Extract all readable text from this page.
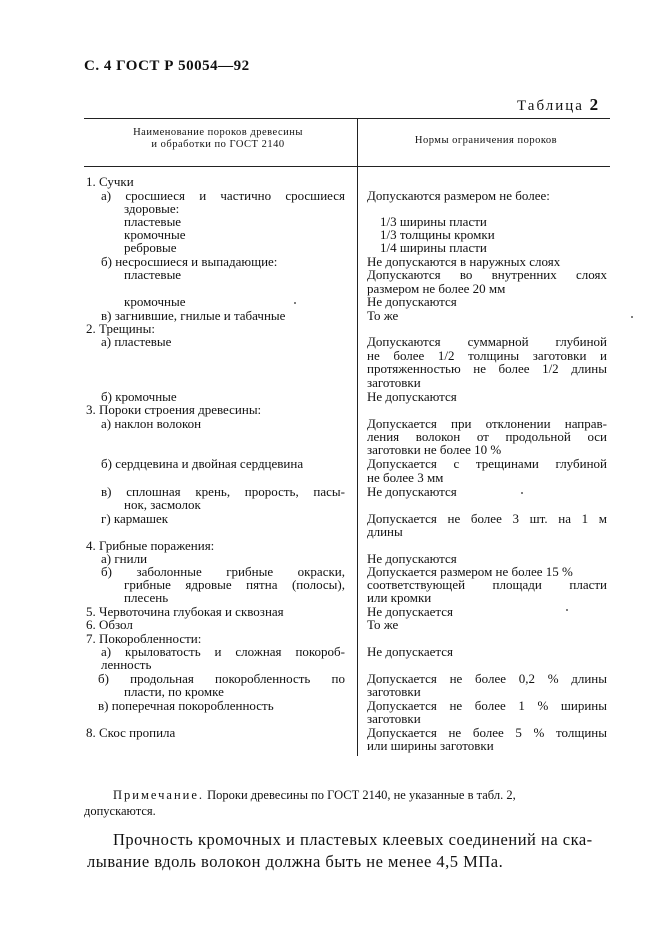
С. 4 ГОСТ Р 50054—92
Таблица 2
Наименование пороков древесины
и обработки по ГОСТ 2140	Нормы ограничения пороков
1. Сучки
а) сросшиеся и частично сросшиеся
здоровые:
пластевые
кромочные
ребровые
б) несросшиеся и выпадающие:
пластевые
кромочные
в) загнившие, гнилые и табачные
2. Трещины:
а) пластевые
б) кромочные
3. Пороки строения древесины:
а) наклон волокон
б) сердцевина и двойная сердцевина
в) сплошная крень, прорость, пасы-
нок, засмолок
г) кармашек
4. Грибные поражения:
а) гнили
б) заболонные грибные окраски,
грибные ядровые пятна (полосы),
плесень
5. Червоточина глубокая и сквозная
6. Обзол
7. Покоробленности:
а) крыловатость и сложная покороб-
ленность
б) продольная покоробленность по
пласти, по кромке
в) поперечная покоробленность
8. Скос пропила
Допускаются размером не более:
1/3 ширины пласти
1/3 толщины кромки
1/4 ширины пласти
Не допускаются в наружных слоях
Допускаются во внутренних слоях
размером не более 20 мм
Не допускаются
То же
Допускаются суммарной глубиной
не более 1/2 толщины заготовки и
протяженностью не более 1/2 длины
заготовки
Не допускаются
Допускается при отклонении направ-
ления волокон от продольной оси
заготовки не более 10 %
Допускается с трещинами глубиной
не более 3 мм
Не допускаются
Допускается не более 3 шт. на 1 м
длины
Не допускаются
Допускается размером не более 15 %
соответствующей площади пласти
или кромки
Не допускается
То же
Не допускается
Допускается не более 0,2 % длины
заготовки
Допускается не более 1 % ширины
заготовки
Допускается не более 5 % толщины
или ширины заготовки
Примечание. Пороки древесины по ГОСТ 2140, не указанные в табл. 2,
допускаются.
Прочность кромочных и пластевых клеевых соединений на ска-
лывание вдоль волокон должна быть не менее 4,5 МПа.
